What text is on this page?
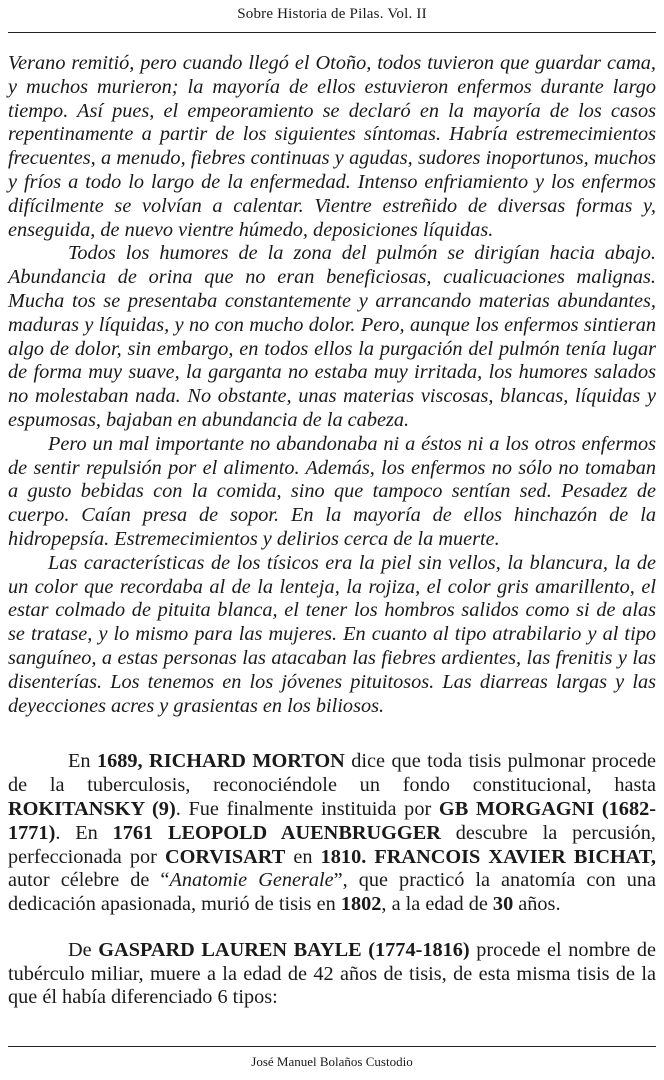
Sobre Historia de Pilas. Vol. II

Verano remitió, pero cuando llegó el Otoño, todos tuvieron que guardar cama, y muchos murieron; la mayoría de ellos estuvieron enfermos durante largo tiempo. Así pues, el empeoramiento se declaró en la mayoría de los casos repentinamente a partir de los siguientes síntomas. Habría estremecimientos frecuentes, a menudo, fiebres continuas y agudas, sudores inoportunos, muchos y fríos a todo lo largo de la enfermedad. Intenso enfriamiento y los enfermos difícilmente se volvían a calentar. Vientre estreñido de diversas formas y, enseguida, de nuevo vientre húmedo, deposiciones líquidas.

Todos los humores de la zona del pulmón se dirigían hacia abajo. Abundancia de orina que no eran beneficiosas, cualicuaciones malignas. Mucha tos se presentaba constantemente y arrancando materias abundantes, maduras y líquidas, y no con mucho dolor. Pero, aunque los enfermos sintieran algo de dolor, sin embargo, en todos ellos la purgación del pulmón tenía lugar de forma muy suave, la garganta no estaba muy irritada, los humores salados no molestaban nada. No obstante, unas materias viscosas, blancas, líquidas y espumosas, bajaban en abundancia de la cabeza.

Pero un mal importante no abandonaba ni a éstos ni a los otros enfermos de sentir repulsión por el alimento. Además, los enfermos no sólo no tomaban a gusto bebidas con la comida, sino que tampoco sentían sed. Pesadez de cuerpo. Caían presa de sopor. En la mayoría de ellos hinchazón de la hidropepsía. Estremecimientos y delirios cerca de la muerte.

Las características de los tísicos era la piel sin vellos, la blancura, la de un color que recordaba al de la lenteja, la rojiza, el color gris amarillento, el estar colmado de pituita blanca, el tener los hombros salidos como si de alas se tratase, y lo mismo para las mujeres. En cuanto al tipo atrabilario y al tipo sanguíneo, a estas personas las atacaban las fiebres ardientes, las frenitis y las disenterías. Los tenemos en los jóvenes pituitosos. Las diarreas largas y las deyecciones acres y grasientas en los biliosos.

En 1689, RICHARD MORTON dice que toda tisis pulmonar procede de la tuberculosis, reconociéndole un fondo constitucional, hasta ROKITANSKY (9). Fue finalmente instituida por GB MORGAGNI (1682-1771). En 1761 LEOPOLD AUENBRUGGER descubre la percusión, perfeccionada por CORVISART en 1810. FRANCOIS XAVIER BICHAT, autor célebre de “Anatomie Generale”, que practicó la anatomía con una dedicación apasionada, murió de tisis en 1802, a la edad de 30 años.

De GASPARD LAUREN BAYLE (1774-1816) procede el nombre de tubérculo miliar, muere a la edad de 42 años de tisis, de esta misma tisis de la que él había diferenciado 6 tipos:

José Manuel Bolaños Custodio
